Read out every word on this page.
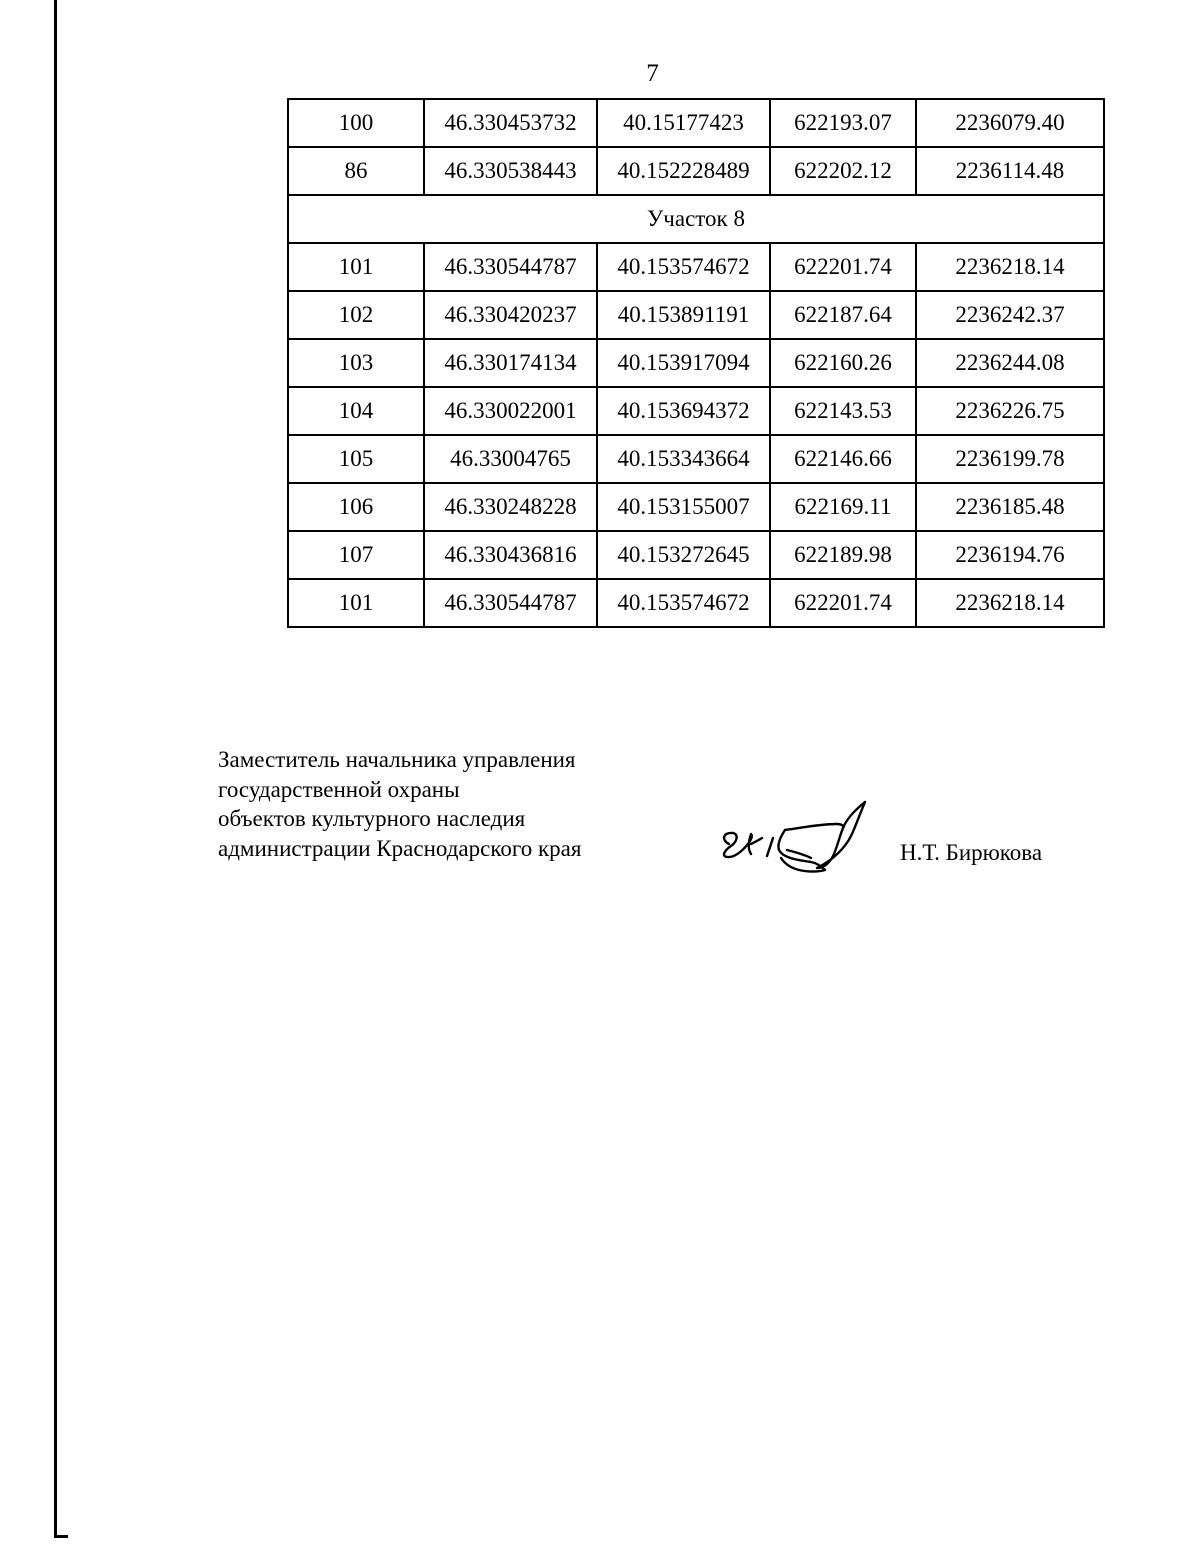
7
100	46.330453732	40.15177423	622193.07	2236079.40
86	46.330538443	40.152228489	622202.12	2236114.48
Участок 8				
101	46.330544787	40.153574672	622201.74	2236218.14
102	46.330420237	40.153891191	622187.64	2236242.37
103	46.330174134	40.153917094	622160.26	2236244.08
104	46.330022001	40.153694372	622143.53	2236226.75
105	46.33004765	40.153343664	622146.66	2236199.78
106	46.330248228	40.153155007	622169.11	2236185.48
107	46.330436816	40.153272645	622189.98	2236194.76
101	46.330544787	40.153574672	622201.74	2236218.14
Заместитель начальника управления
государственной охраны
объектов культурного наследия
администрации Краснодарского края	Н.Т. Бирюкова
